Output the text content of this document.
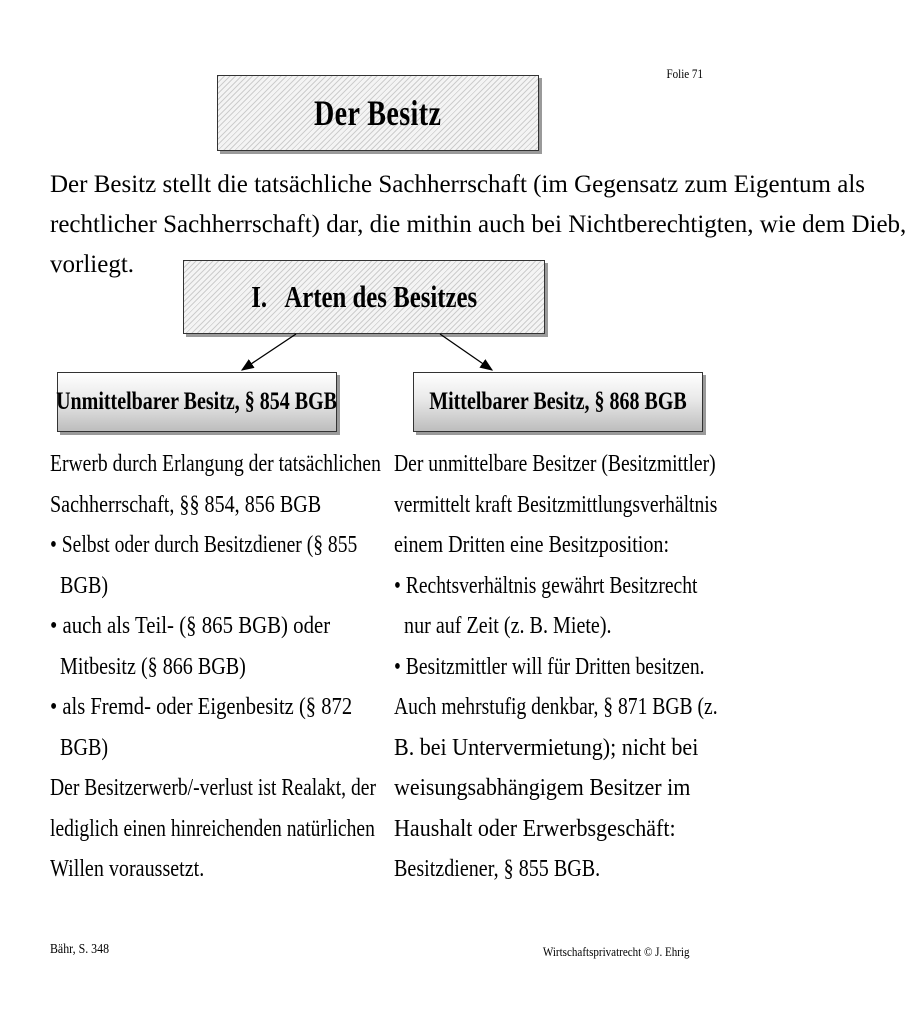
Folie 71
Der Besitz
Der Besitz stellt die tatsächliche Sachherrschaft (im Gegensatz zum Eigentum als
rechtlicher Sachherrschaft) dar, die mithin auch bei Nichtberechtigten, wie dem Dieb,
vorliegt.
I.   Arten des Besitzes
Unmittelbarer Besitz, § 854 BGB	Mittelbarer Besitz, § 868 BGB
Erwerb durch Erlangung der tatsächlichen
Sachherrschaft, §§ 854, 856 BGB
• Selbst oder durch Besitzdiener (§ 855
BGB)
• auch als Teil- (§ 865 BGB) oder
Mitbesitz (§ 866 BGB)
• als Fremd- oder Eigenbesitz (§ 872
BGB)
Der Besitzerwerb/-verlust ist Realakt, der
lediglich einen hinreichenden natürlichen
Willen voraussetzt.
Der unmittelbare Besitzer (Besitzmittler)
vermittelt kraft Besitzmittlungsverhältnis
einem Dritten eine Besitzposition:
• Rechtsverhältnis gewährt Besitzrecht
nur auf Zeit (z. B. Miete).
• Besitzmittler will für Dritten besitzen.
Auch mehrstufig denkbar, § 871 BGB (z.
B. bei Untervermietung); nicht bei
weisungsabhängigem Besitzer im
Haushalt oder Erwerbsgeschäft:
Besitzdiener, § 855 BGB.
Bähr, S. 348	Wirtschaftsprivatrecht © J. Ehrig
